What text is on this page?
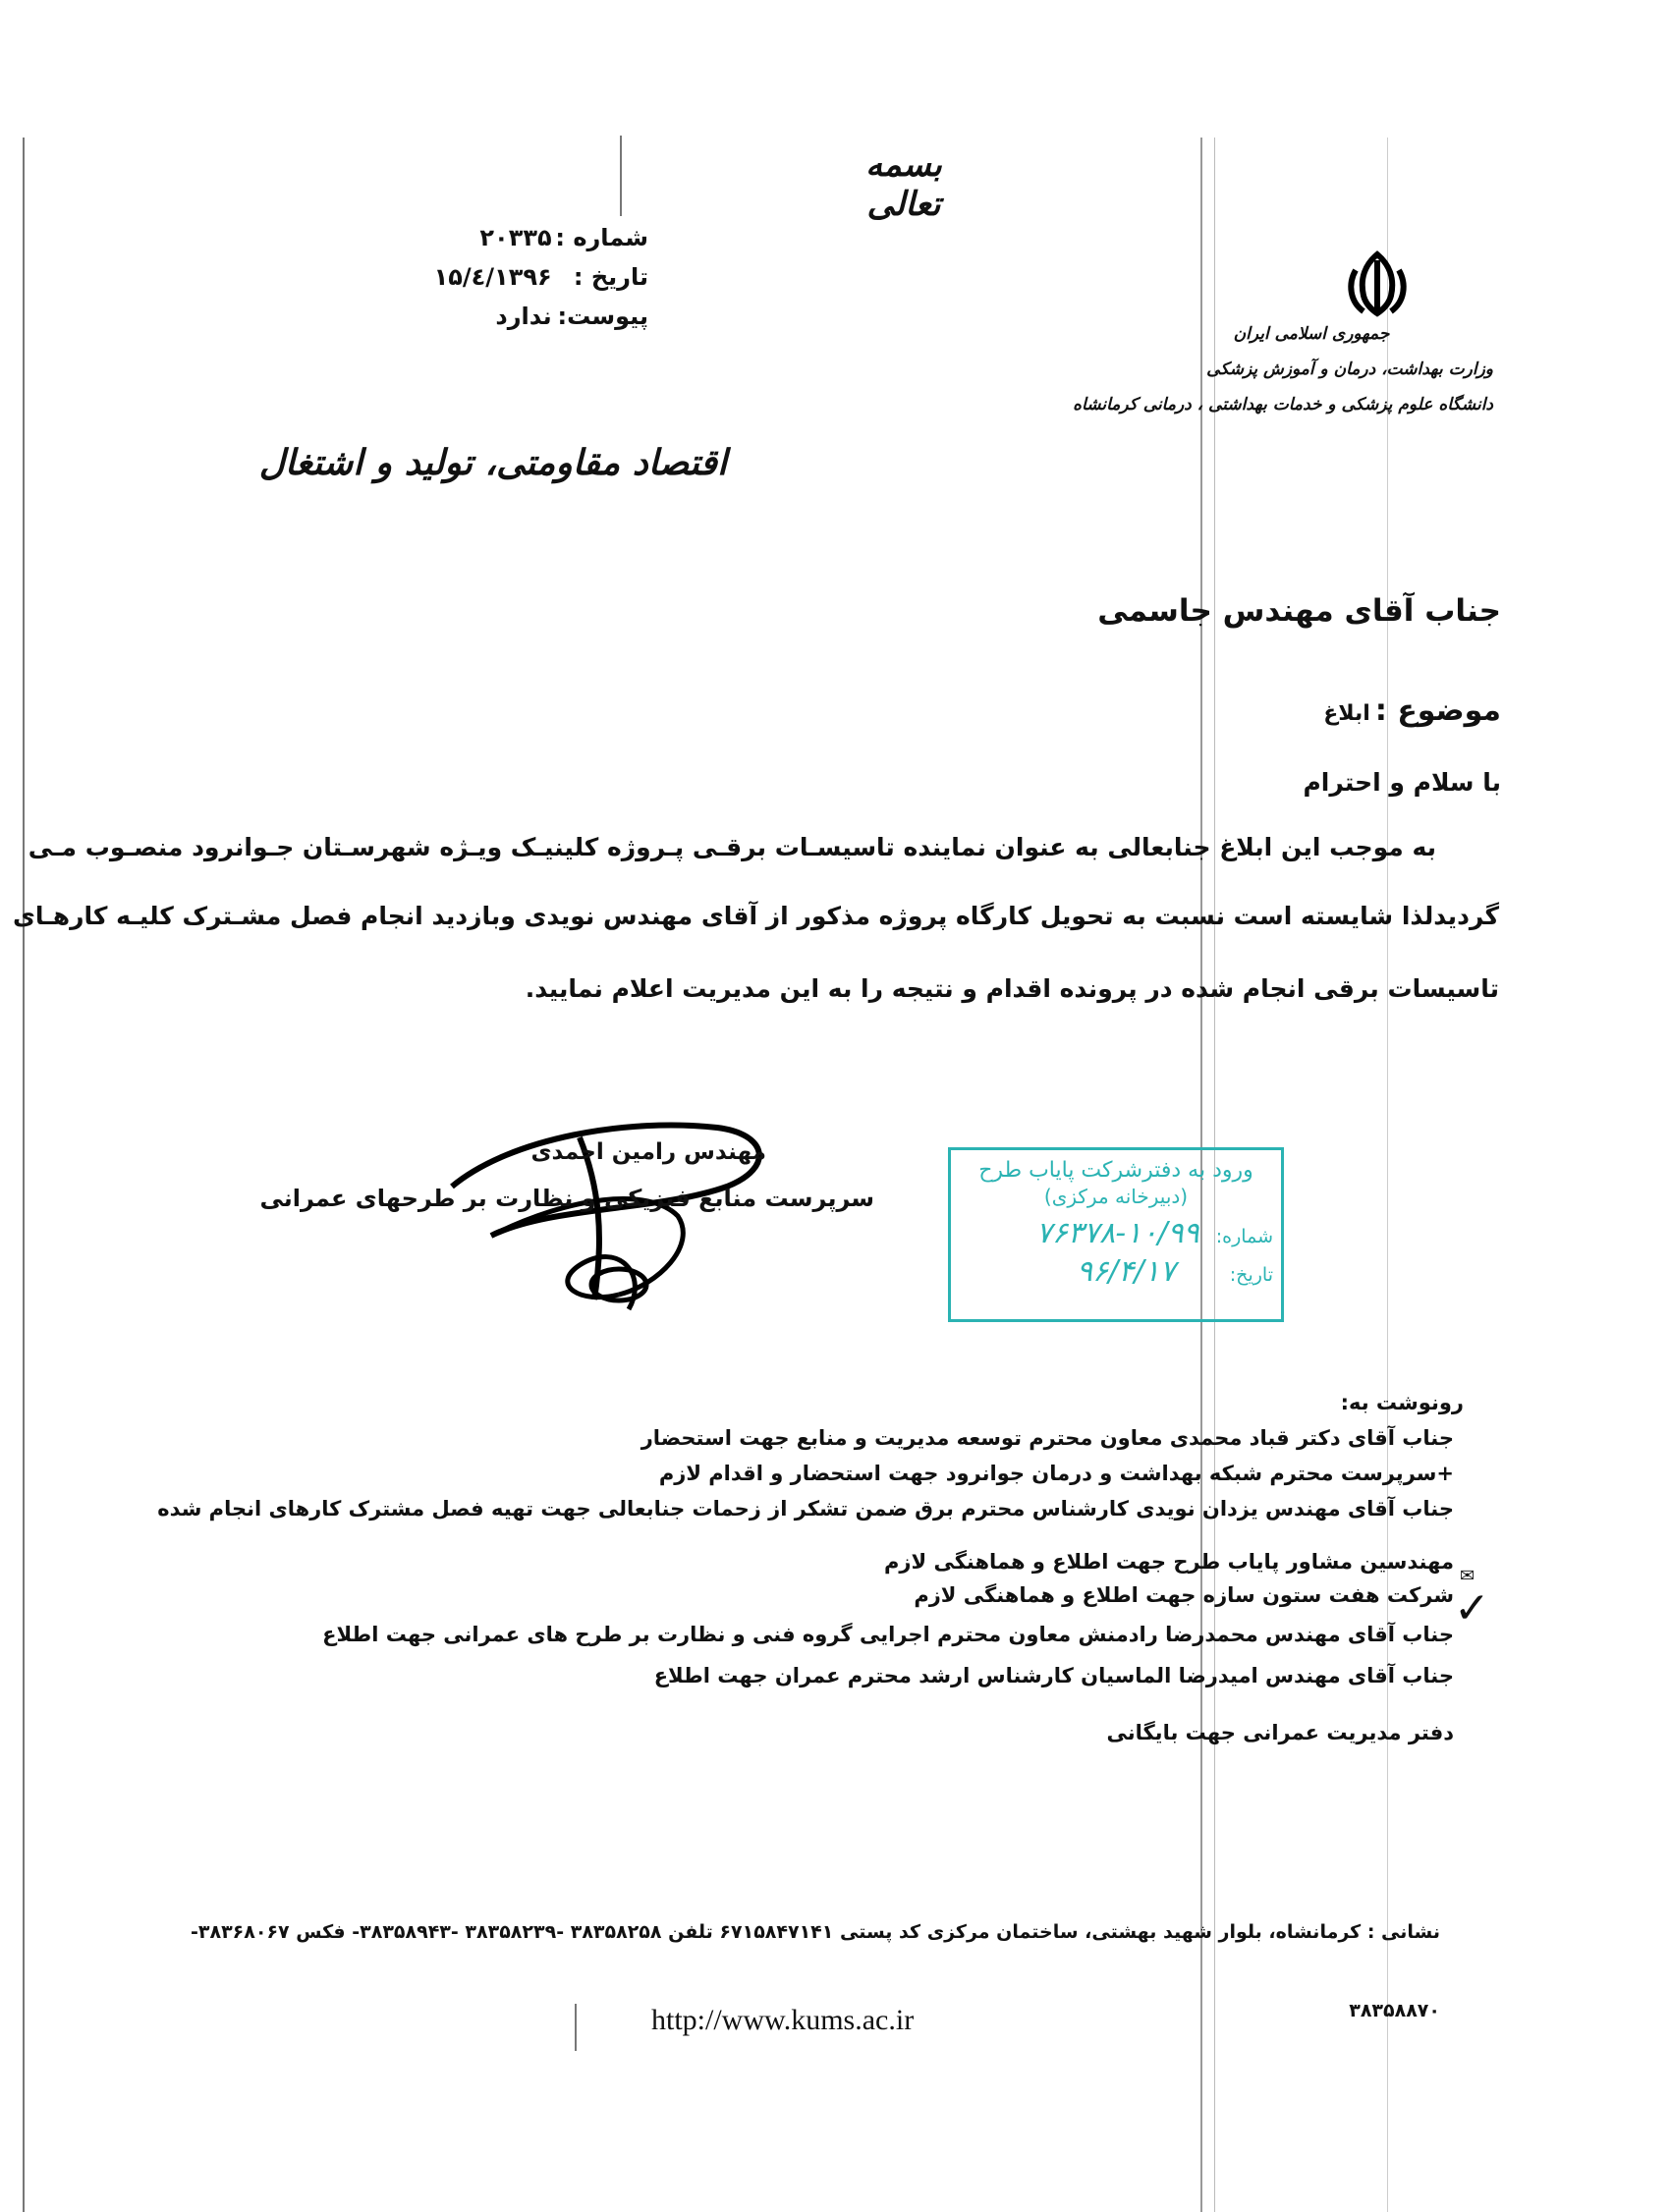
بسمه تعالی
شماره : ۲۰۳۳۵
تاریخ : ۱۳۹۶/٤/۱۵
پیوست: ندارد
جمهوری اسلامی ایران
وزارت بهداشت، درمان و آموزش پزشکی
دانشگاه علوم پزشکی و خدمات بهداشتی ، درمانی کرمانشاه
اقتصاد مقاومتی، تولید و اشتغال
جناب آقای مهندس جاسمی
موضوع : ابلاغ
با سلام و احترام
به موجب این ابلاغ جنابعالی به عنوان نماینده تاسیسـات برقـی پـروژه کلینیـک ویـژه شهرسـتان جـوانرود منصـوب مـی
گردیدلذا شایسته است نسبت به تحویل کارگاه پروژه مذکور از آقای مهندس نویدی وبازدید انجام فصل مشـترک کلیـه کارهـای
تاسیسات برقی انجام شده در پرونده اقدام و نتیجه را به این مدیریت اعلام نمایید.
مهندس رامین احمدی
سرپرست منابع فیزیکی و نظارت بر طرحهای عمرانی
ورود به دفترشرکت پایاب طرح
(دبیرخانه مرکزی)
شماره: ۱۰/۹۹-۷۶۳۷۸
تاریخ: ۹۶/۴/۱۷
رونوشت به:
جناب آقای دکتر قباد محمدی معاون محترم توسعه مدیریت و منابع جهت استحضار
+سرپرست محترم شبکه بهداشت و درمان جوانرود جهت استحضار و اقدام لازم
جناب آقای مهندس یزدان نویدی کارشناس محترم برق ضمن تشکر از زحمات جنابعالی جهت تهیه فصل مشترک کارهای انجام شده
✉
مهندسین مشاور پایاب طرح جهت اطلاع و هماهنگی لازم
✓
شرکت هفت ستون سازه جهت اطلاع و هماهنگی لازم
جناب آقای مهندس محمدرضا رادمنش معاون محترم اجرایی گروه فنی و نظارت بر طرح های عمرانی جهت اطلاع
جناب آقای مهندس امیدرضا الماسیان کارشناس ارشد محترم عمران جهت اطلاع
دفتر مدیریت عمرانی جهت بایگانی
نشانی : کرمانشاه، بلوار شهید بهشتی، ساختمان مرکزی کد پستی ۶۷۱۵۸۴۷۱۴۱ تلفن ۳۸۳۵۸۲۵۸ -۳۸۳۵۸۲۳۹ -۳۸۳۵۸۹۴۳- فکس ۳۸۳۶۸۰۶۷-
۳۸۳۵۸۸۷۰
http://www.kums.ac.ir
